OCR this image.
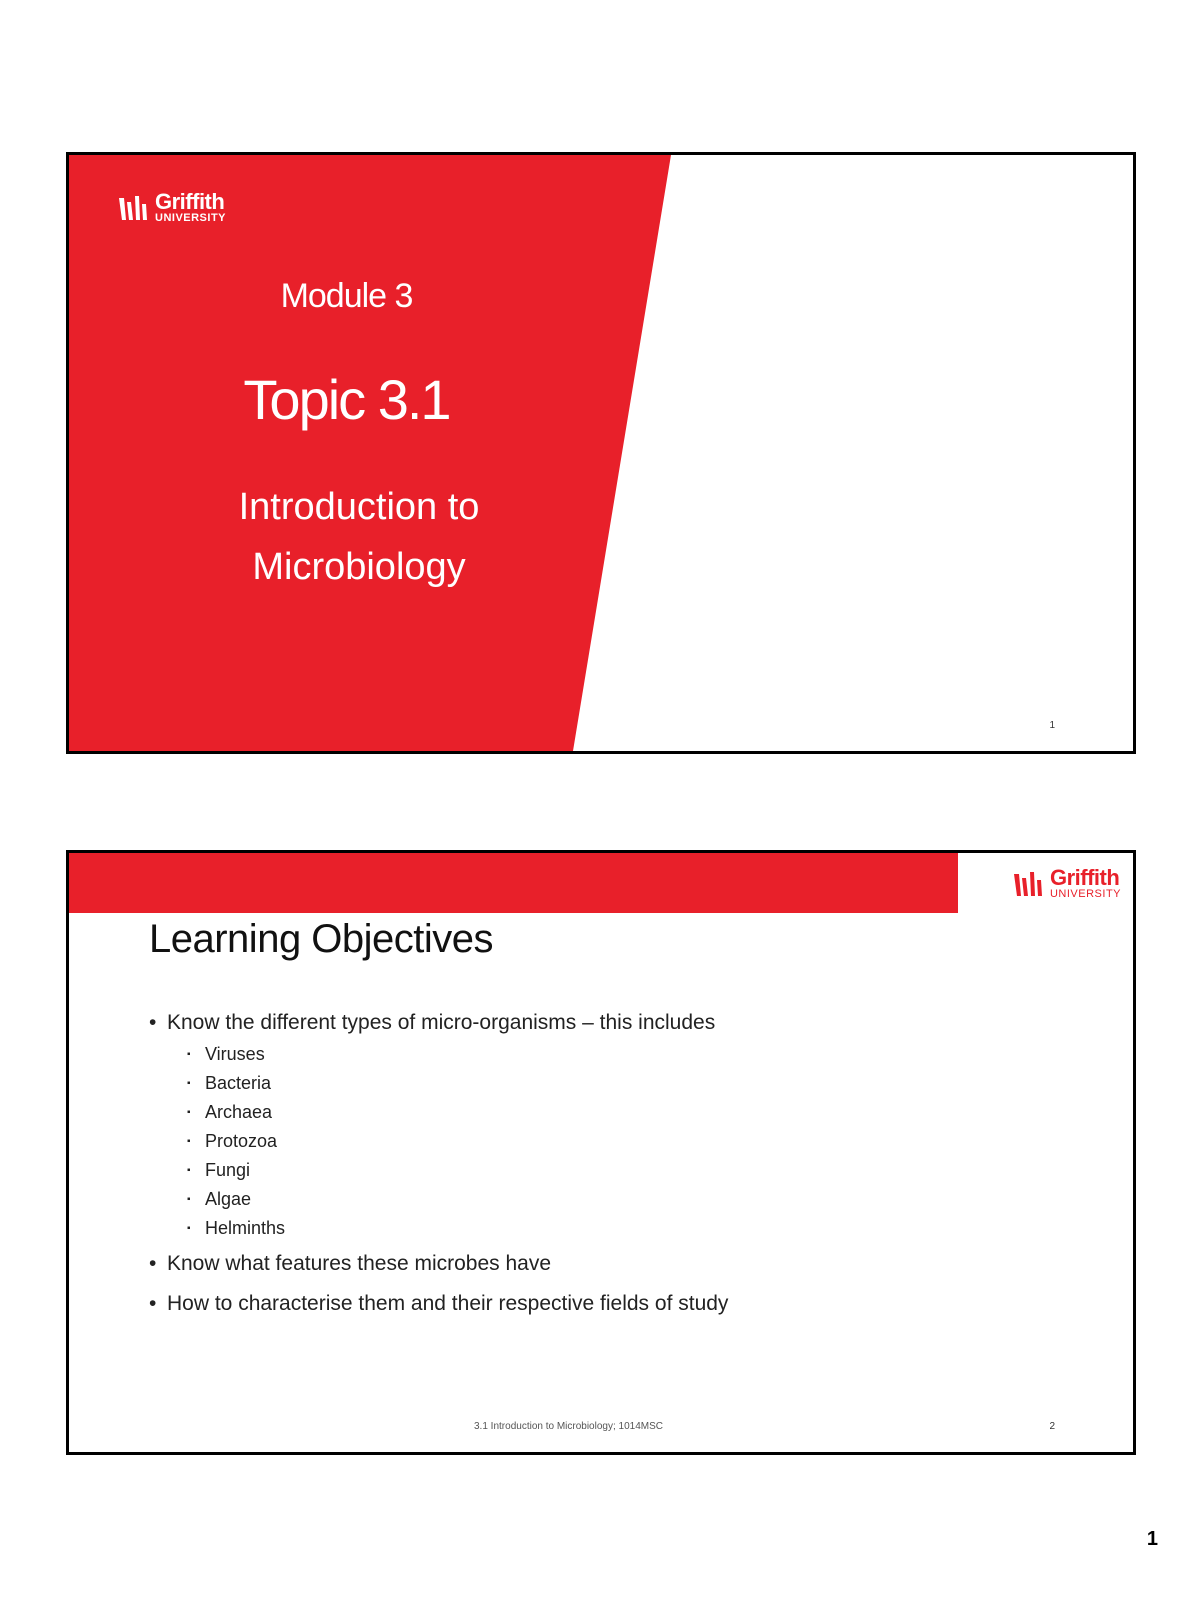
Griffith
UNIVERSITY
Module 3
Topic 3.1
Introduction to
Microbiology
1
Griffith
UNIVERSITY
Learning Objectives
• Know the different types of micro-organisms – this includes
▪ Viruses
▪ Bacteria
▪ Archaea
▪ Protozoa
▪ Fungi
▪ Algae
▪ Helminths
• Know what features these microbes have
• How to characterise them and their respective fields of study
3.1 Introduction to Microbiology; 1014MSC	2
1
